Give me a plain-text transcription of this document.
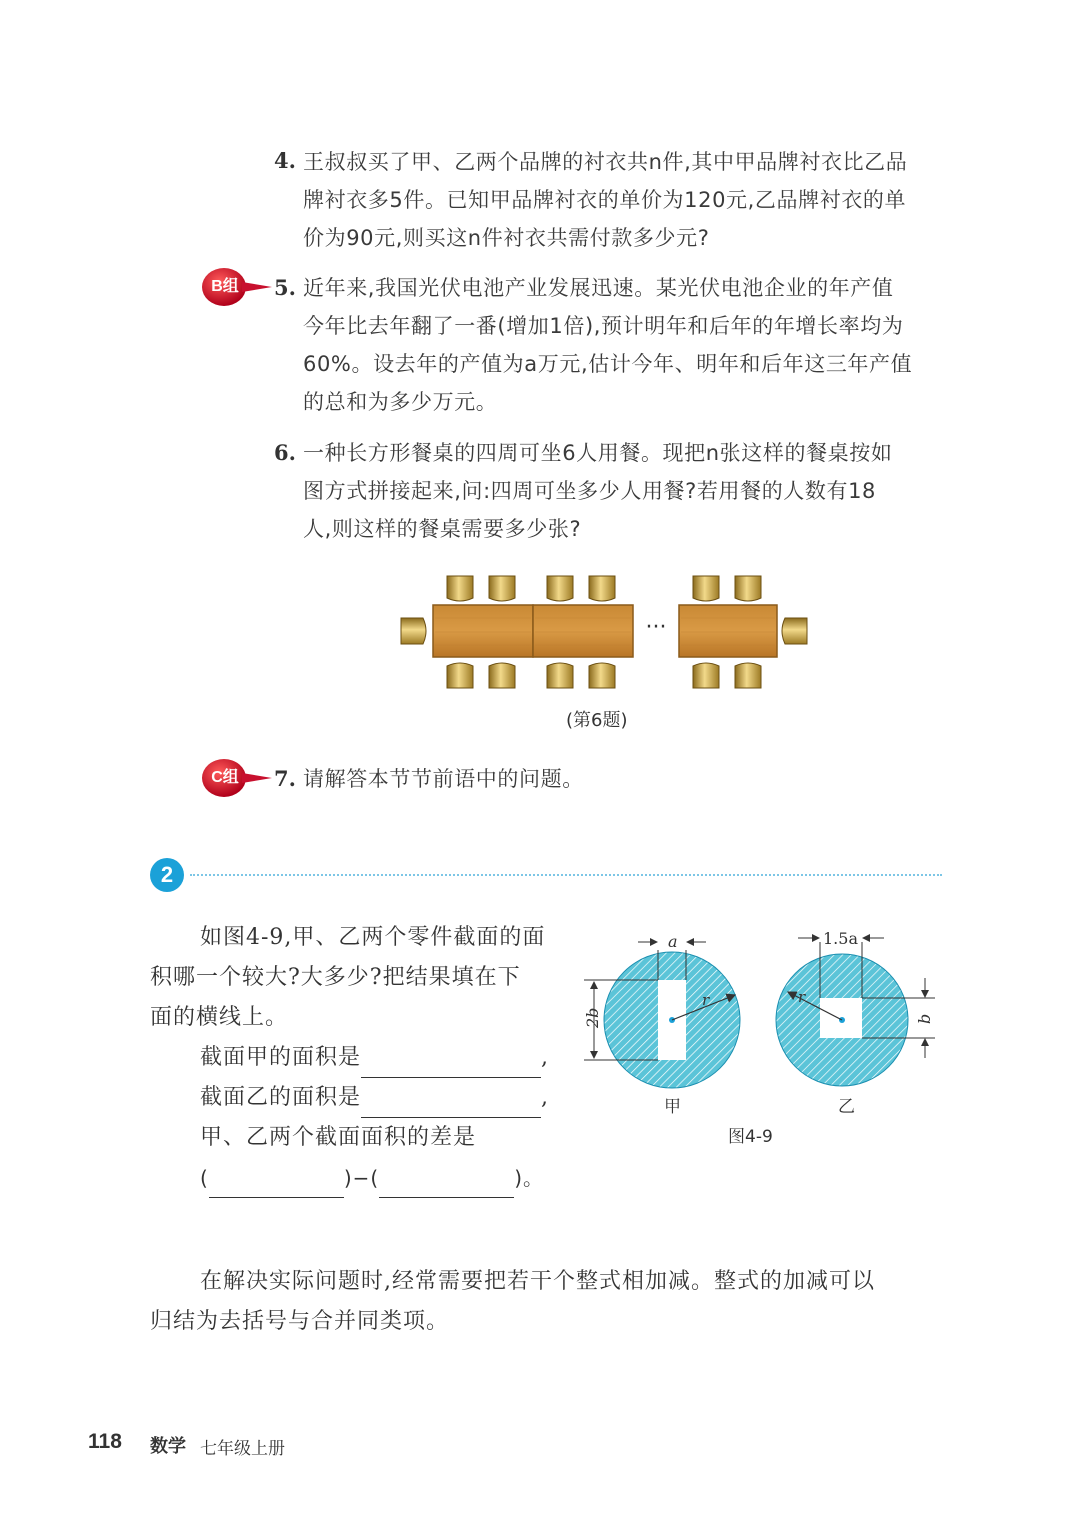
4. 王叔叔买了甲、乙两个品牌的衬衣共n件,其中甲品牌衬衣比乙品

牌衬衣多5件。已知甲品牌衬衣的单价为120元,乙品牌衬衣的单

价为90元,则买这n件衬衣共需付款多少元?

B组	5. 近年来,我国光伏电池产业发展迅速。某光伏电池企业的年产值

今年比去年翻了一番(增加1倍),预计明年和后年的年增长率均为

60%。设去年的产值为a万元,估计今年、明年和后年这三年产值

的总和为多少万元。

6. 一种长方形餐桌的四周可坐6人用餐。现把n张这样的餐桌按如

图方式拼接起来,问:四周可坐多少人用餐?若用餐的人数有18

人,则这样的餐桌需要多少张?

···
(第6题)
C组	7. 请解答本节节前语中的问题。

2
如图4-9,甲、乙两个零件截面的面
积哪一个较大?大多少?把结果填在下
面的横线上。
截面甲的面积是	,
截面乙的面积是	,
甲、乙两个截面面积的差是
(	)−(	)。
r
a
2b
甲
r
1.5a
b
乙
图4-9
在解决实际问题时,经常需要把若干个整式相加减。整式的加减可以
归结为去括号与合并同类项。
118 数学 七年级上册
